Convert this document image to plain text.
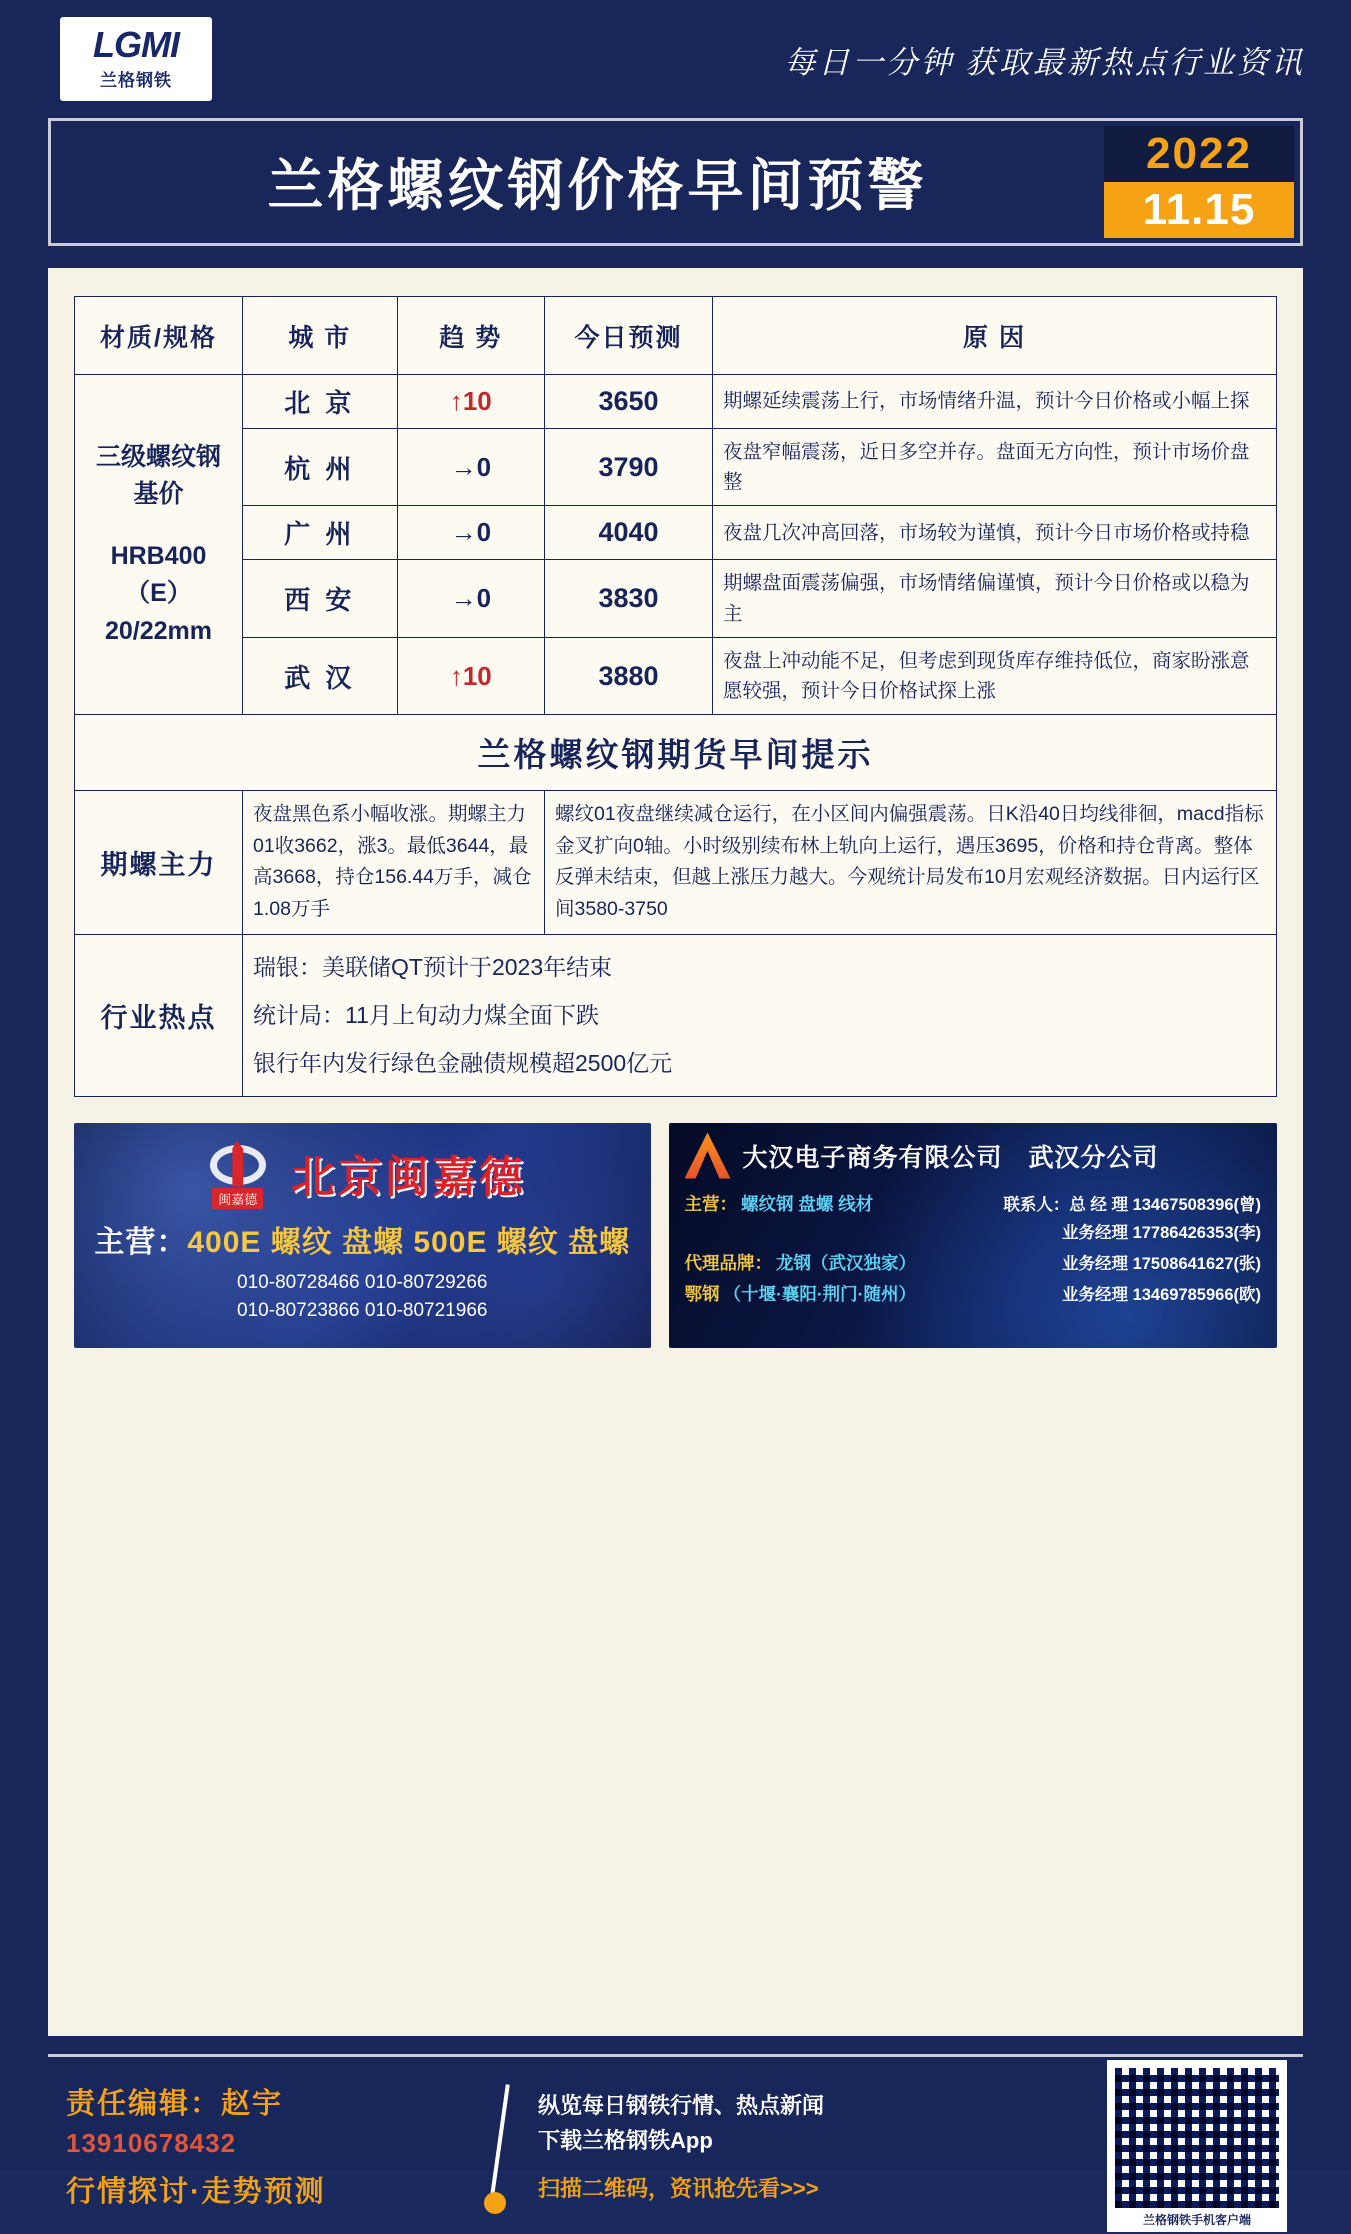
LGMI
兰格钢铁
每日一分钟 获取最新热点行业资讯
兰格螺纹钢价格早间预警
2022
11.15
材质/规格	城 市	趋 势	今日预测	原 因

三级螺纹钢基价
HRB400（E）20/22mm	北 京	↑10	3650	期螺延续震荡上行，市场情绪升温，预计今日价格或小幅上探
	杭 州	→0	3790	夜盘窄幅震荡，近日多空并存。盘面无方向性，预计市场价盘整
	广 州	→0	4040	夜盘几次冲高回落，市场较为谨慎，预计今日市场价格或持稳
	西 安	→0	3830	期螺盘面震荡偏强，市场情绪偏谨慎，预计今日价格或以稳为主
	武 汉	↑10	3880	夜盘上冲动能不足，但考虑到现货库存维持低位，商家盼涨意愿较强，预计今日价格试探上涨
兰格螺纹钢期货早间提示				
期螺主力	夜盘黑色系小幅收涨。期螺主力01收3662，涨3。最低3644，最高3668，持仓156.44万手，减仓1.08万手		螺纹01夜盘继续减仓运行，在小区间内偏强震荡。日K沿40日均线徘徊，macd指标金叉扩向0轴。小时级别续布林上轨向上运行，遇压3695，价格和持仓背离。整体反弹未结束，但越上涨压力越大。今观统计局发布10月宏观经济数据。日内运行区间3580-3750	
行业热点	瑞银：美联储QT预计于2023年结束
统计局：11月上旬动力煤全面下跌
银行年内发行绿色金融债规模超2500亿元			
闽嘉德 北京闽嘉德
主营：400E 螺纹 盘螺 500E 螺纹 盘螺
010-80728466 010-80729266
010-80723866 010-80721966
大汉电子商务有限公司 武汉分公司
主营： 螺纹钢 盘螺 线材	联系人：总 经 理 13467508396(曾)
业务经理 17786426353(李)
代理品牌： 龙钢（武汉独家）	业务经理 17508641627(张)
鄂钢 （十堰·襄阳·荆门·随州）	业务经理 13469785966(欧)
责任编辑：赵宇
13910678432
行情探讨·走势预测
纵览每日钢铁行情、热点新闻
下载兰格钢铁App
扫描二维码，资讯抢先看>>>
兰格钢铁手机客户端
